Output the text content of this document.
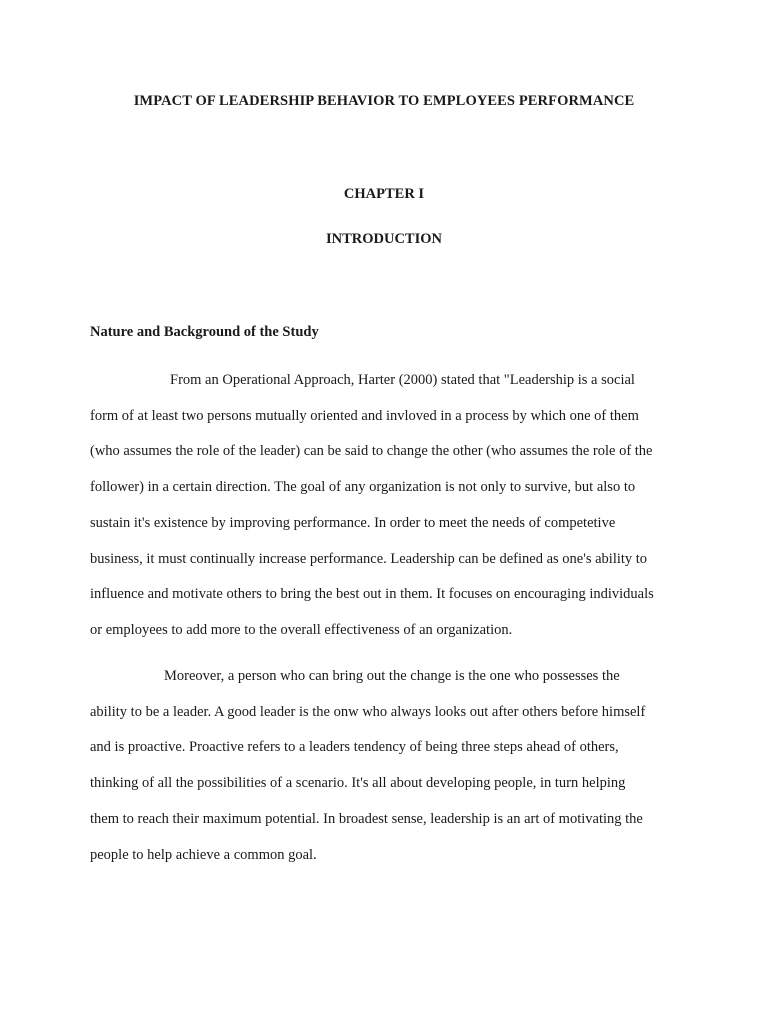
IMPACT OF LEADERSHIP BEHAVIOR TO EMPLOYEES PERFORMANCE
CHAPTER I
INTRODUCTION
Nature and Background of the Study

From an Operational Approach, Harter (2000) stated that "Leadership is a social
form of at least two persons mutually oriented and invloved in a process by which one of them
(who assumes the role of the leader) can be said to change the other (who assumes the role of the
follower) in a certain direction. The goal of any organization is not only to survive, but also to
sustain it's existence by improving performance. In order to meet the needs of competetive
business, it must continually increase performance. Leadership can be defined as one's ability to
influence and motivate others to bring the best out in them. It focuses on encouraging individuals
or employees to add more to the overall effectiveness of an organization.

Moreover, a person who can bring out the change is the one who possesses the
ability to be a leader. A good leader is the onw who always looks out after others before himself
and is proactive. Proactive refers to a leaders tendency of being three steps ahead of others,
thinking of all the possibilities of a scenario. It's all about developing people, in turn helping
them to reach their maximum potential. In broadest sense, leadership is an art of motivating the
people to help achieve a common goal.
